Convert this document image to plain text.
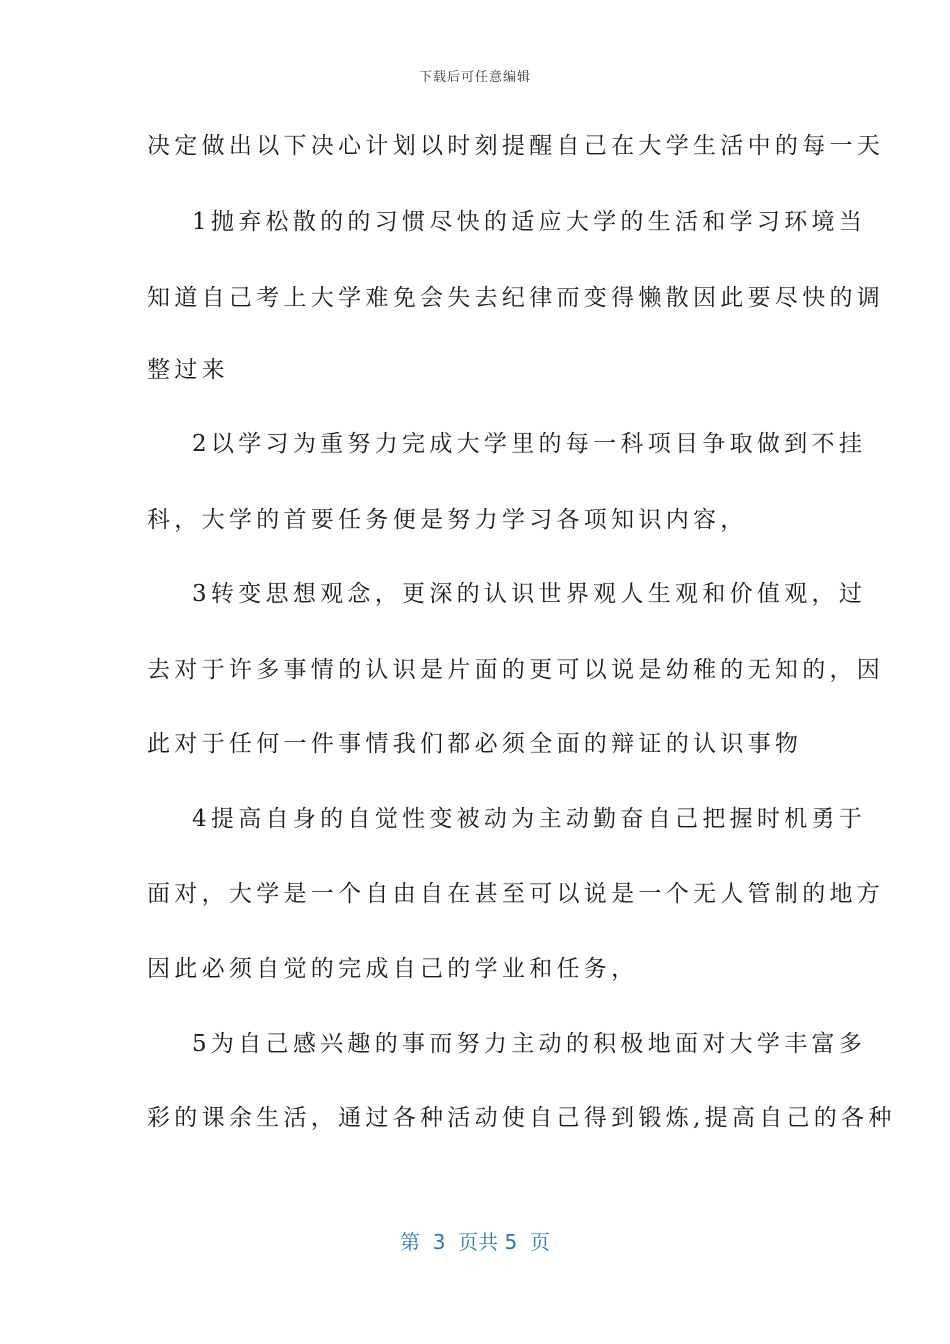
下载后可任意编辑
决定做出以下决心计划以时刻提醒自己在大学生活中的每一天
1抛弃松散的的习惯尽快的适应大学的生活和学习环境当
知道自己考上大学难免会失去纪律而变得懒散因此要尽快的调
整过来
2以学习为重努力完成大学里的每一科项目争取做到不挂
科，大学的首要任务便是努力学习各项知识内容，
3转变思想观念，更深的认识世界观人生观和价值观，过
去对于许多事情的认识是片面的更可以说是幼稚的无知的，因
此对于任何一件事情我们都必须全面的辩证的认识事物
4提高自身的自觉性变被动为主动勤奋自己把握时机勇于
面对，大学是一个自由自在甚至可以说是一个无人管制的地方
因此必须自觉的完成自己的学业和任务，
5为自己感兴趣的事而努力主动的积极地面对大学丰富多
彩的课余生活，通过各种活动使自己得到锻炼,提高自己的各种
第  3  页共 5  页
